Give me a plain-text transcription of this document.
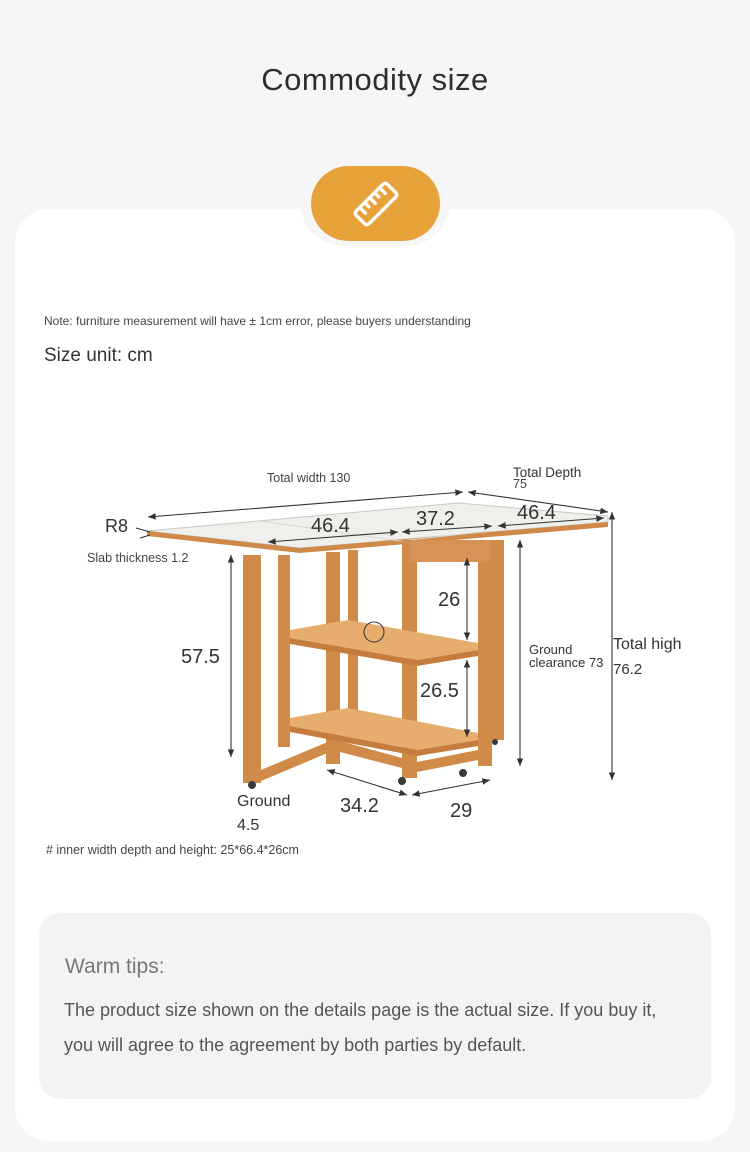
Commodity size
Note: furniture measurement will have ± 1cm error, please buyers understanding
Size unit: cm
Total width 130	Total Depth
75
R8
Slab thickness 1.2
46.4	37.2	46.4
26
26.5
57.5	Ground
clearance 73
Total high
76.2
Ground
4.5
34.2	29
# inner width depth and height: 25*66.4*26cm
Warm tips:
The product size shown on the details page is the actual size. If you buy it, you will agree to the agreement by both parties by default.
